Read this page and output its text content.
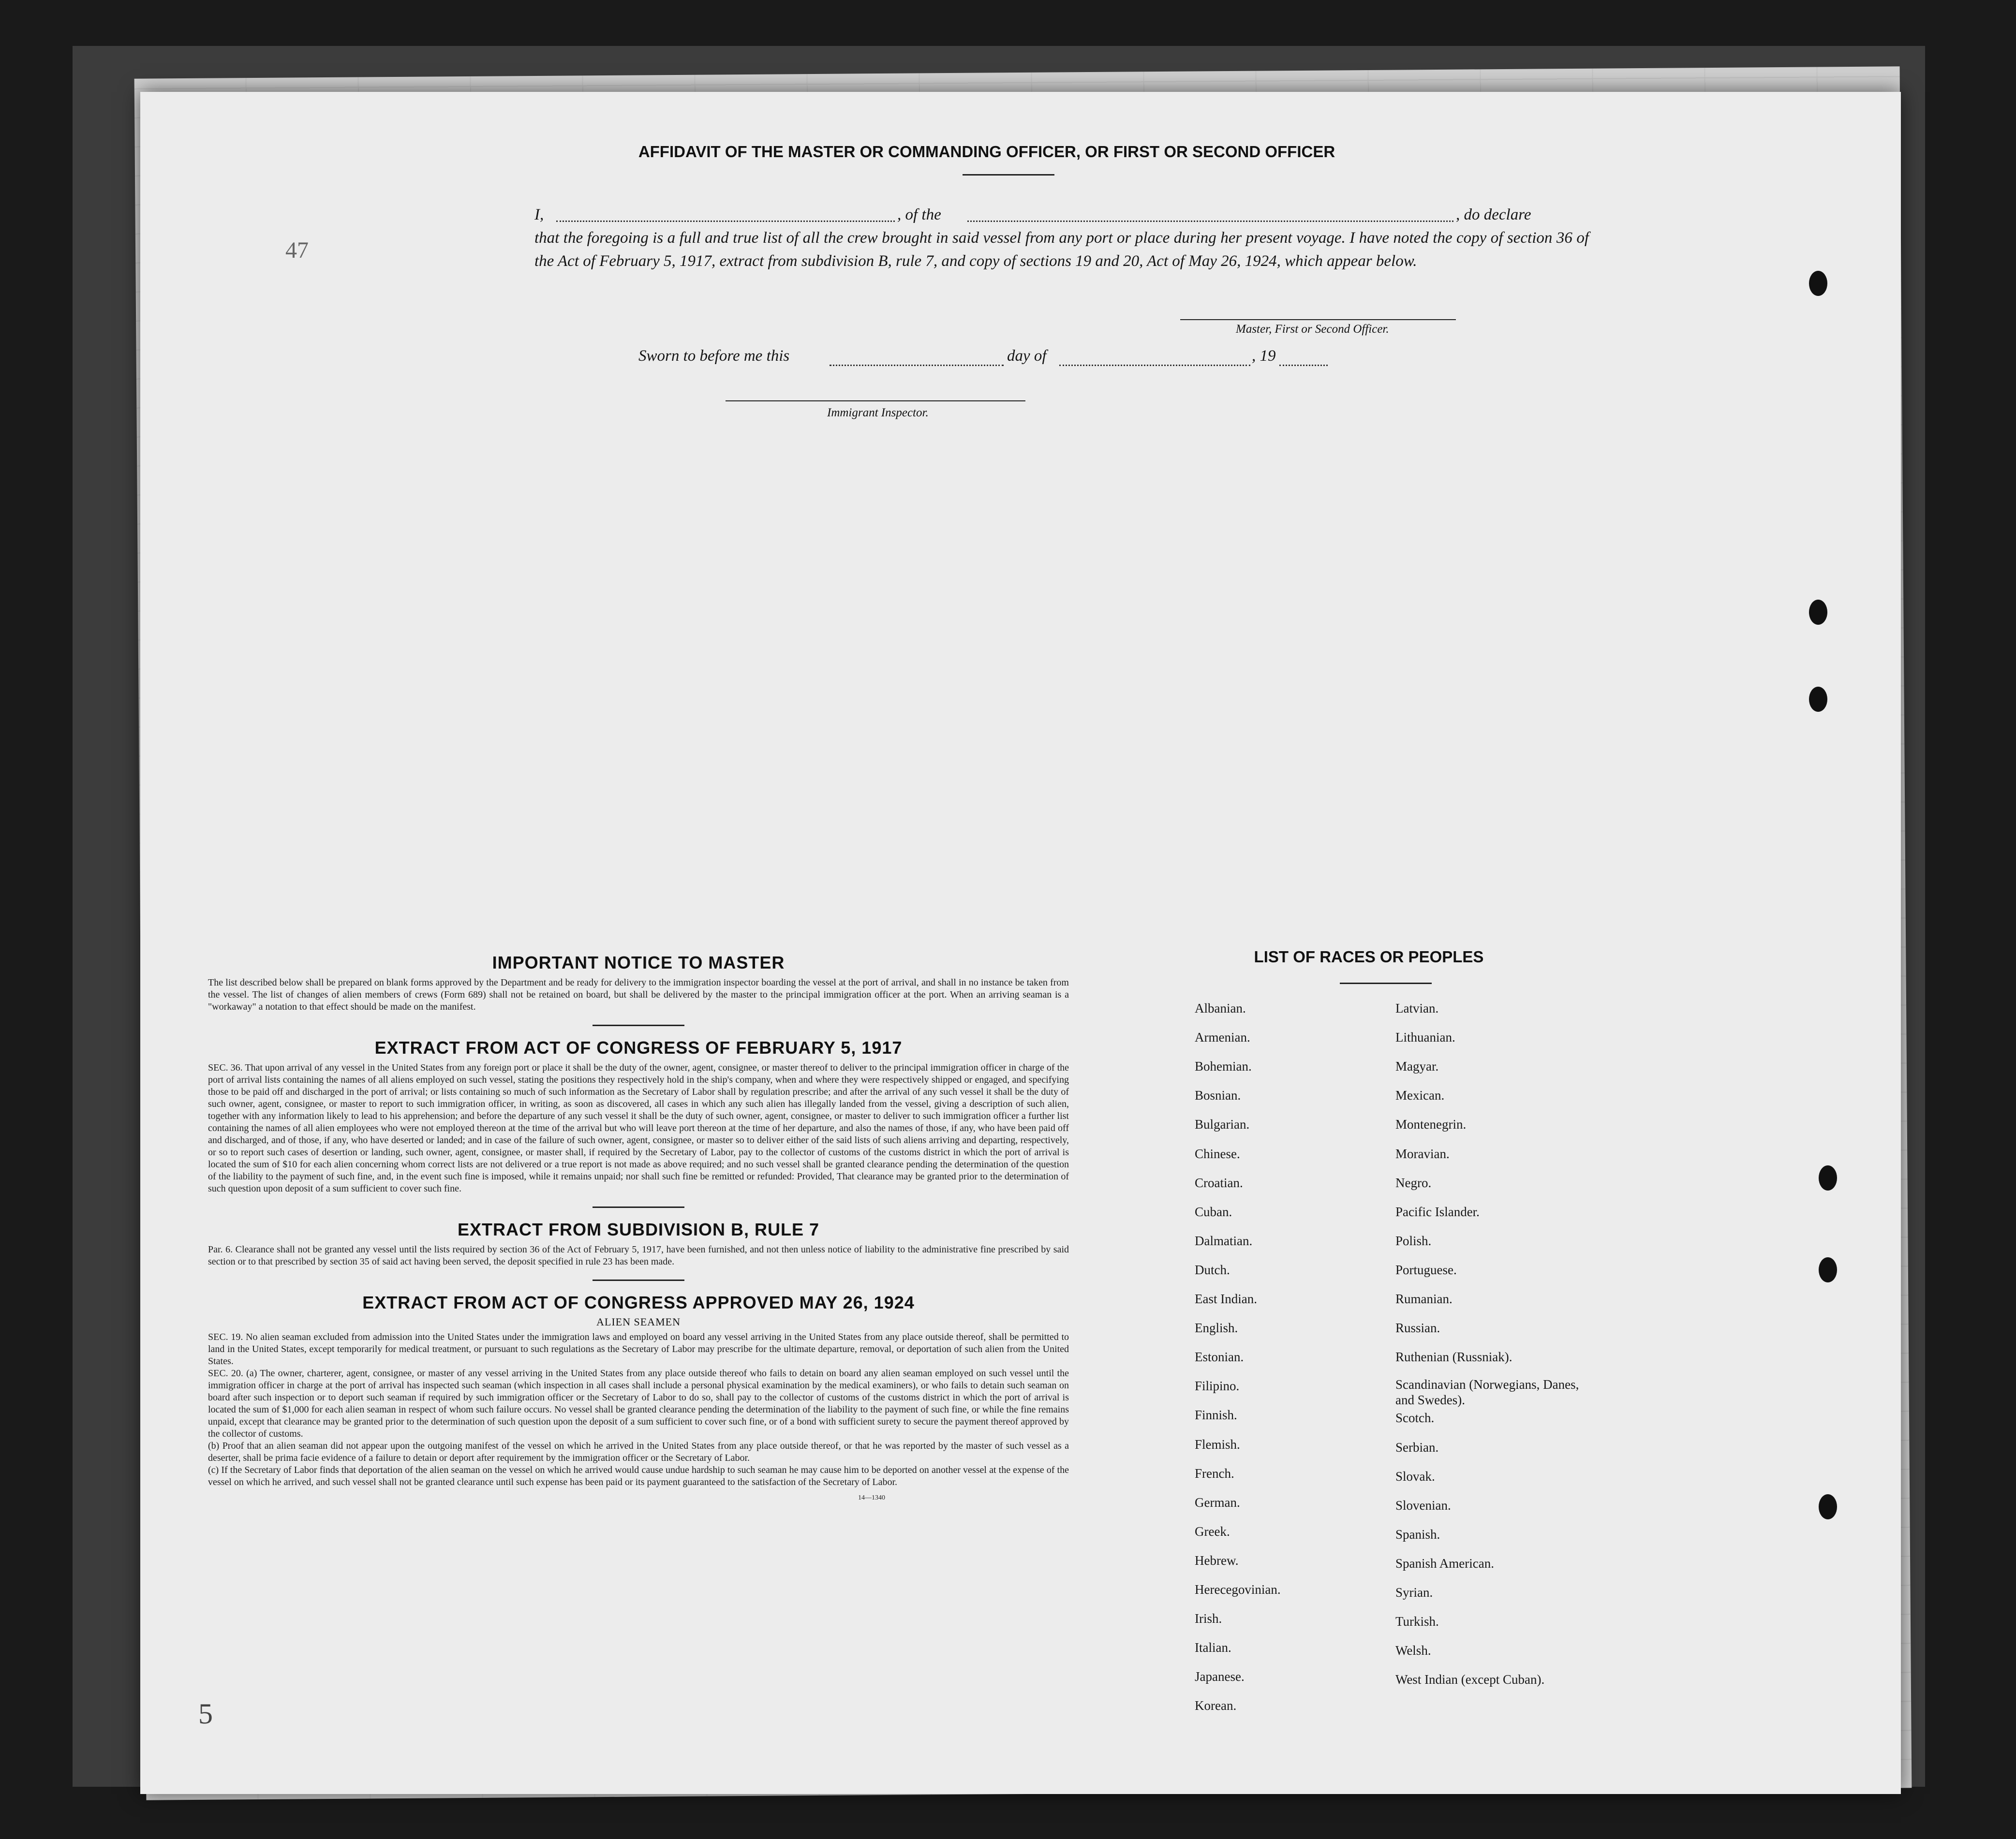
47
5
AFFIDAVIT OF THE MASTER OR COMMANDING OFFICER, OR FIRST OR SECOND OFFICER
I,	, of the	, do declare
that the foregoing is a full and true list of all the crew brought in said vessel from any port or place during her present voyage. I have noted the copy of section 36 of the Act of February 5, 1917, extract from subdivision B, rule 7, and copy of sections 19 and 20, Act of May 26, 1924, which appear below.
Master, First or Second Officer.
Sworn to before me this	day of	, 19
Immigrant Inspector.
IMPORTANT NOTICE TO MASTER
The list described below shall be prepared on blank forms approved by the Department and be ready for delivery to the immigration inspector boarding the vessel at the port of arrival, and shall in no instance be taken from the vessel. The list of changes of alien members of crews (Form 689) shall not be retained on board, but shall be delivered by the master to the principal immigration officer at the port. When an arriving seaman is a "workaway" a notation to that effect should be made on the manifest.
EXTRACT FROM ACT OF CONGRESS OF FEBRUARY 5, 1917
SEC. 36. That upon arrival of any vessel in the United States from any foreign port or place it shall be the duty of the owner, agent, consignee, or master thereof to deliver to the principal immigration officer in charge of the port of arrival lists containing the names of all aliens employed on such vessel, stating the positions they respectively hold in the ship's company, when and where they were respectively shipped or engaged, and specifying those to be paid off and discharged in the port of arrival; or lists containing so much of such information as the Secretary of Labor shall by regulation prescribe; and after the arrival of any such vessel it shall be the duty of such owner, agent, consignee, or master to report to such immigration officer, in writing, as soon as discovered, all cases in which any such alien has illegally landed from the vessel, giving a description of such alien, together with any information likely to lead to his apprehension; and before the departure of any such vessel it shall be the duty of such owner, agent, consignee, or master to deliver to such immigration officer a further list containing the names of all alien employees who were not employed thereon at the time of the arrival but who will leave port thereon at the time of her departure, and also the names of those, if any, who have been paid off and discharged, and of those, if any, who have deserted or landed; and in case of the failure of such owner, agent, consignee, or master so to deliver either of the said lists of such aliens arriving and departing, respectively, or so to report such cases of desertion or landing, such owner, agent, consignee, or master shall, if required by the Secretary of Labor, pay to the collector of customs of the customs district in which the port of arrival is located the sum of $10 for each alien concerning whom correct lists are not delivered or a true report is not made as above required; and no such vessel shall be granted clearance pending the determination of the question of the liability to the payment of such fine, and, in the event such fine is imposed, while it remains unpaid; nor shall such fine be remitted or refunded: Provided, That clearance may be granted prior to the determination of such question upon deposit of a sum sufficient to cover such fine.
EXTRACT FROM SUBDIVISION B, RULE 7
Par. 6. Clearance shall not be granted any vessel until the lists required by section 36 of the Act of February 5, 1917, have been furnished, and not then unless notice of liability to the administrative fine prescribed by said section or to that prescribed by section 35 of said act having been served, the deposit specified in rule 23 has been made.
EXTRACT FROM ACT OF CONGRESS APPROVED MAY 26, 1924
ALIEN SEAMEN
SEC. 19. No alien seaman excluded from admission into the United States under the immigration laws and employed on board any vessel arriving in the United States from any place outside thereof, shall be permitted to land in the United States, except temporarily for medical treatment, or pursuant to such regulations as the Secretary of Labor may prescribe for the ultimate departure, removal, or deportation of such alien from the United States.
SEC. 20. (a) The owner, charterer, agent, consignee, or master of any vessel arriving in the United States from any place outside thereof who fails to detain on board any alien seaman employed on such vessel until the immigration officer in charge at the port of arrival has inspected such seaman (which inspection in all cases shall include a personal physical examination by the medical examiners), or who fails to detain such seaman on board after such inspection or to deport such seaman if required by such immigration officer or the Secretary of Labor to do so, shall pay to the collector of customs of the customs district in which the port of arrival is located the sum of $1,000 for each alien seaman in respect of whom such failure occurs. No vessel shall be granted clearance pending the determination of the liability to the payment of such fine, or while the fine remains unpaid, except that clearance may be granted prior to the determination of such question upon the deposit of a sum sufficient to cover such fine, or of a bond with sufficient surety to secure the payment thereof approved by the collector of customs.
(b) Proof that an alien seaman did not appear upon the outgoing manifest of the vessel on which he arrived in the United States from any place outside thereof, or that he was reported by the master of such vessel as a deserter, shall be prima facie evidence of a failure to detain or deport after requirement by the immigration officer or the Secretary of Labor.
(c) If the Secretary of Labor finds that deportation of the alien seaman on the vessel on which he arrived would cause undue hardship to such seaman he may cause him to be deported on another vessel at the expense of the vessel on which he arrived, and such vessel shall not be granted clearance until such expense has been paid or its payment guaranteed to the satisfaction of the Secretary of Labor.
14—1340
LIST OF RACES OR PEOPLES
Albanian.
Armenian.
Bohemian.
Bosnian.
Bulgarian.
Chinese.
Croatian.
Cuban.
Dalmatian.
Dutch.
East Indian.
English.
Estonian.
Filipino.
Finnish.
Flemish.
French.
German.
Greek.
Hebrew.
Herecegovinian.
Irish.
Italian.
Japanese.
Korean.
Latvian.
Lithuanian.
Magyar.
Mexican.
Montenegrin.
Moravian.
Negro.
Pacific Islander.
Polish.
Portuguese.
Rumanian.
Russian.
Ruthenian (Russniak).
Scandinavian (Norwegians, Danes, and Swedes).
Scotch.
Serbian.
Slovak.
Slovenian.
Spanish.
Spanish American.
Syrian.
Turkish.
Welsh.
West Indian (except Cuban).
